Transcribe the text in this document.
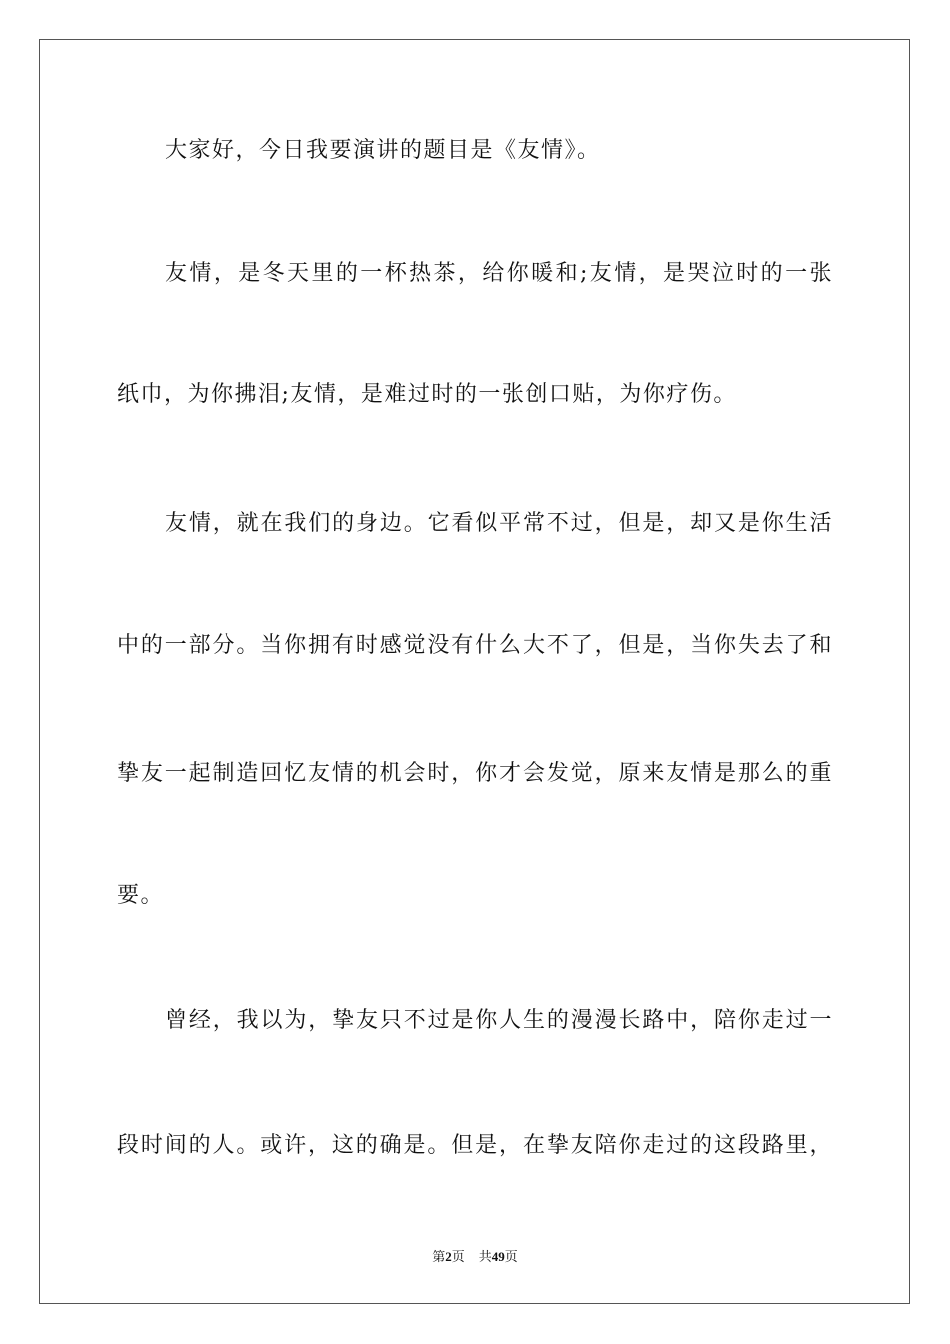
大家好，今日我要演讲的题目是《友情》。
友情，是冬天里的一杯热茶，给你暖和;友情，是哭泣时的一张
纸巾，为你拂泪;友情，是难过时的一张创口贴，为你疗伤。
友情，就在我们的身边。它看似平常不过，但是，却又是你生活
中的一部分。当你拥有时感觉没有什么大不了，但是，当你失去了和
挚友一起制造回忆友情的机会时，你才会发觉，原来友情是那么的重
要。
曾经，我以为，挚友只不过是你人生的漫漫长路中，陪你走过一
段时间的人。或许，这的确是。但是，在挚友陪你走过的这段路里，
第2页 共49页
